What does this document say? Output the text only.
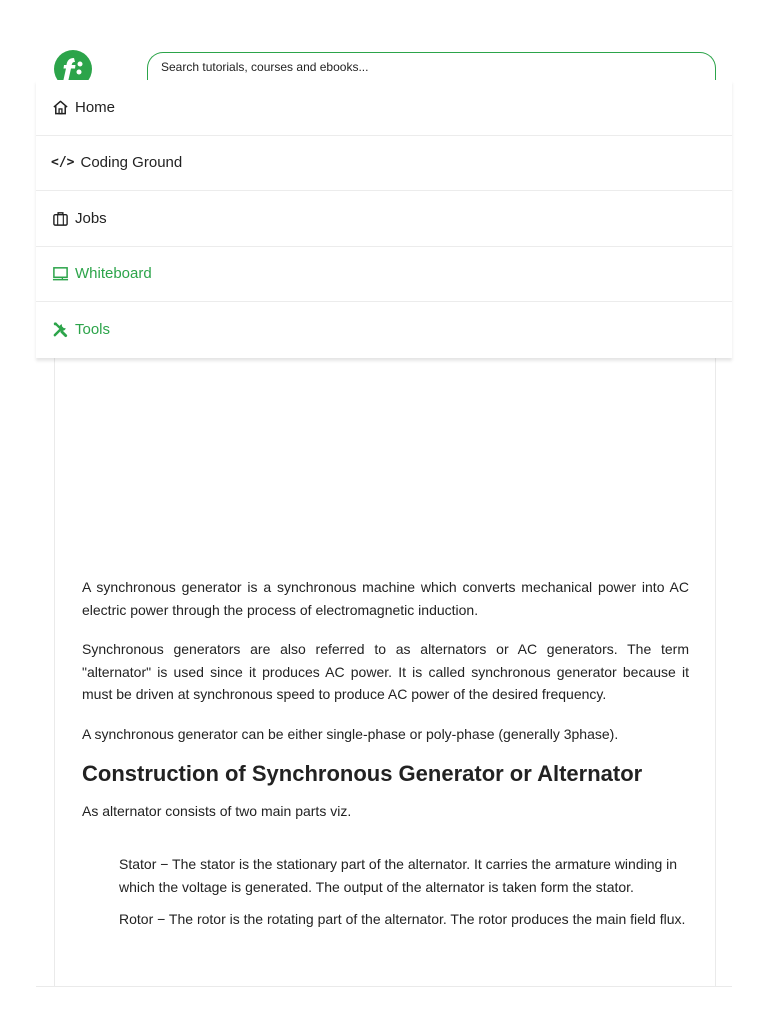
Search tutorials, courses and ebooks...
Home
</> Coding Ground
Jobs
Whiteboard
Tools

A synchronous generator is a synchronous machine which converts mechanical power into AC electric power through the process of electromagnetic induction.

Synchronous generators are also referred to as alternators or AC generators. The term "alternator" is used since it produces AC power. It is called synchronous generator because it must be driven at synchronous speed to produce AC power of the desired frequency.

A synchronous generator can be either single-phase or poly-phase (generally 3phase).

Construction of Synchronous Generator or Alternator

As alternator consists of two main parts viz.

Stator − The stator is the stationary part of the alternator. It carries the armature winding in which the voltage is generated. The output of the alternator is taken form the stator.

Rotor − The rotor is the rotating part of the alternator. The rotor produces the main field flux.
